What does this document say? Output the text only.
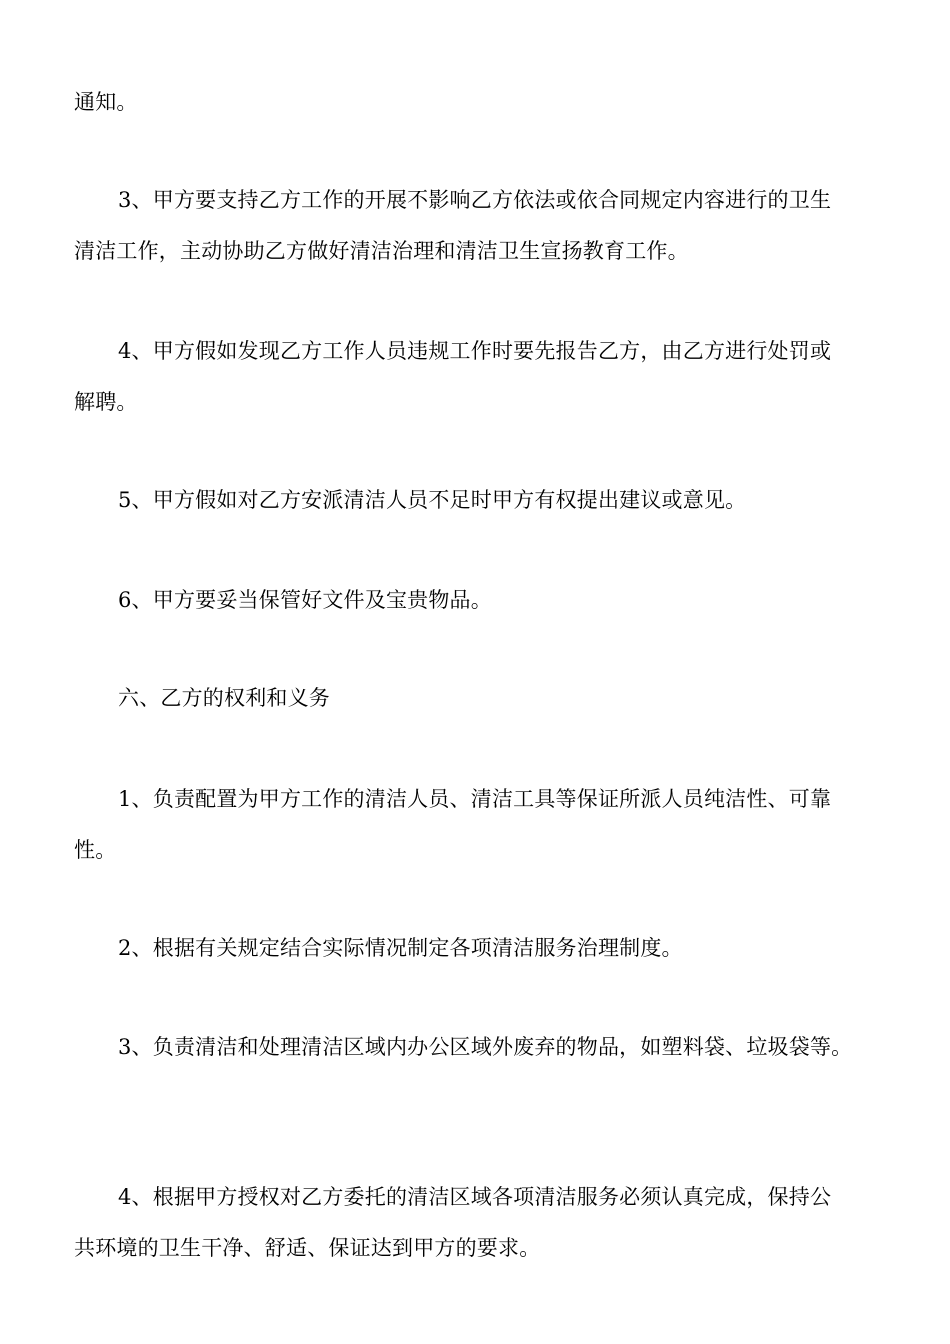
通知。
3、甲方要支持乙方工作的开展不影响乙方依法或依合同规定内容进行的卫生
清洁工作，主动协助乙方做好清洁治理和清洁卫生宣扬教育工作。
4、甲方假如发现乙方工作人员违规工作时要先报告乙方，由乙方进行处罚或
解聘。
5、甲方假如对乙方安派清洁人员不足时甲方有权提出建议或意见。
6、甲方要妥当保管好文件及宝贵物品。
六、乙方的权利和义务
1、负责配置为甲方工作的清洁人员、清洁工具等保证所派人员纯洁性、可靠
性。
2、根据有关规定结合实际情况制定各项清洁服务治理制度。
3、负责清洁和处理清洁区域内办公区域外废弃的物品，如塑料袋、垃圾袋等。
4、根据甲方授权对乙方委托的清洁区域各项清洁服务必须认真完成，保持公
共环境的卫生干净、舒适、保证达到甲方的要求。
